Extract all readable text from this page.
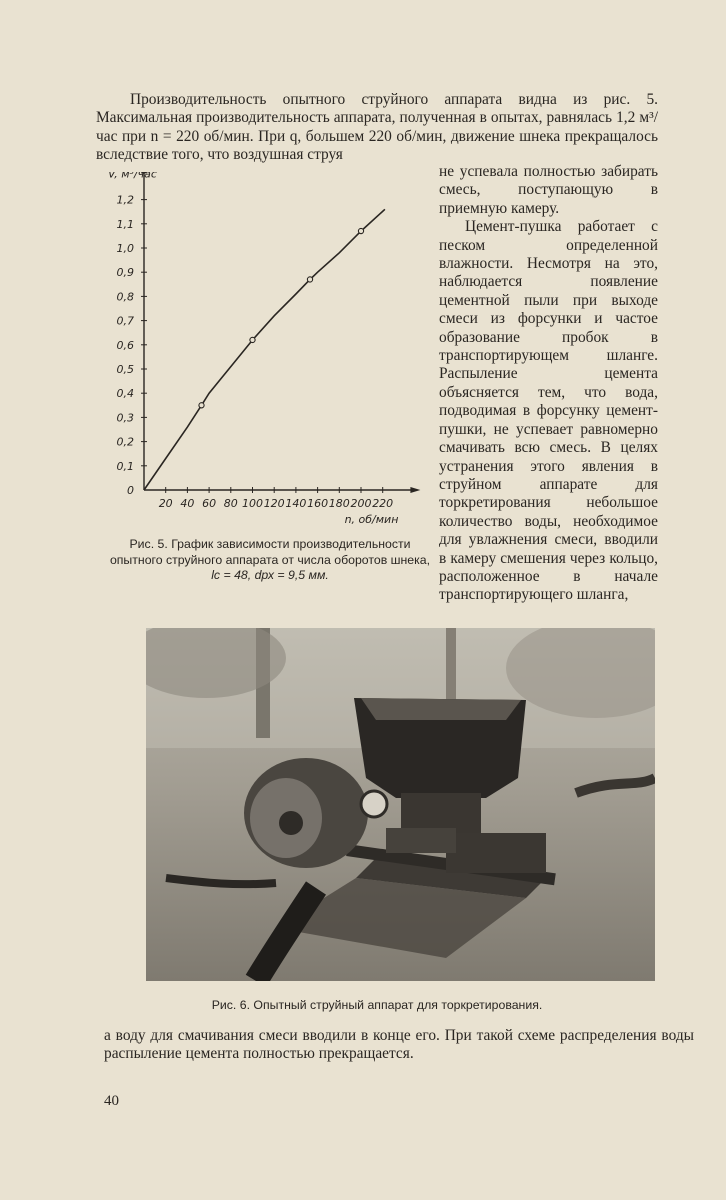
Производительность опытного струйного аппарата видна из рис. 5. Максимальная производительность аппарата, полученная в опытах, равнялась 1,2 м³/час при n = 220 об/мин. При q, большем 220 об/мин, движение шнека прекращалось вследствие того, что воздушная струя
0
0,1
0,2
0,3
0,4
0,5
0,6
0,7
0,8
0,9
1,0
1,1
1,2
20 40 60 80 100 120 140 160 180 200 220
V, м³/час
n, об/мин

не успевала полностью забирать смесь, поступающую в приемную камеру.

Цемент-пушка работает с песком определенной влажности. Несмотря на это, наблюдается появление цементной пыли при выходе смеси из форсунки и частое образование пробок в транспортирующем шланге. Распыление цемента объясняется тем, что вода, подводимая в форсунку цемент-пушки, не успевает равномерно смачивать всю смесь. В целях устранения этого явления в струйном аппарате для торкретирования небольшое количество воды, необходимое для увлажнения смеси, вводили в камеру смешения через кольцо, расположенное в начале транспортирующего шланга,

Рис. 5. График зависимости производительности опытного струйного аппарата от числа оборотов шнека, lc = 48, dрх = 9,5 мм.
Рис. 6. Опытный струйный аппарат для торкретирования.
а воду для смачивания смеси вводили в конце его. При такой схеме распределения воды распыление цемента полностью прекращается.
40
